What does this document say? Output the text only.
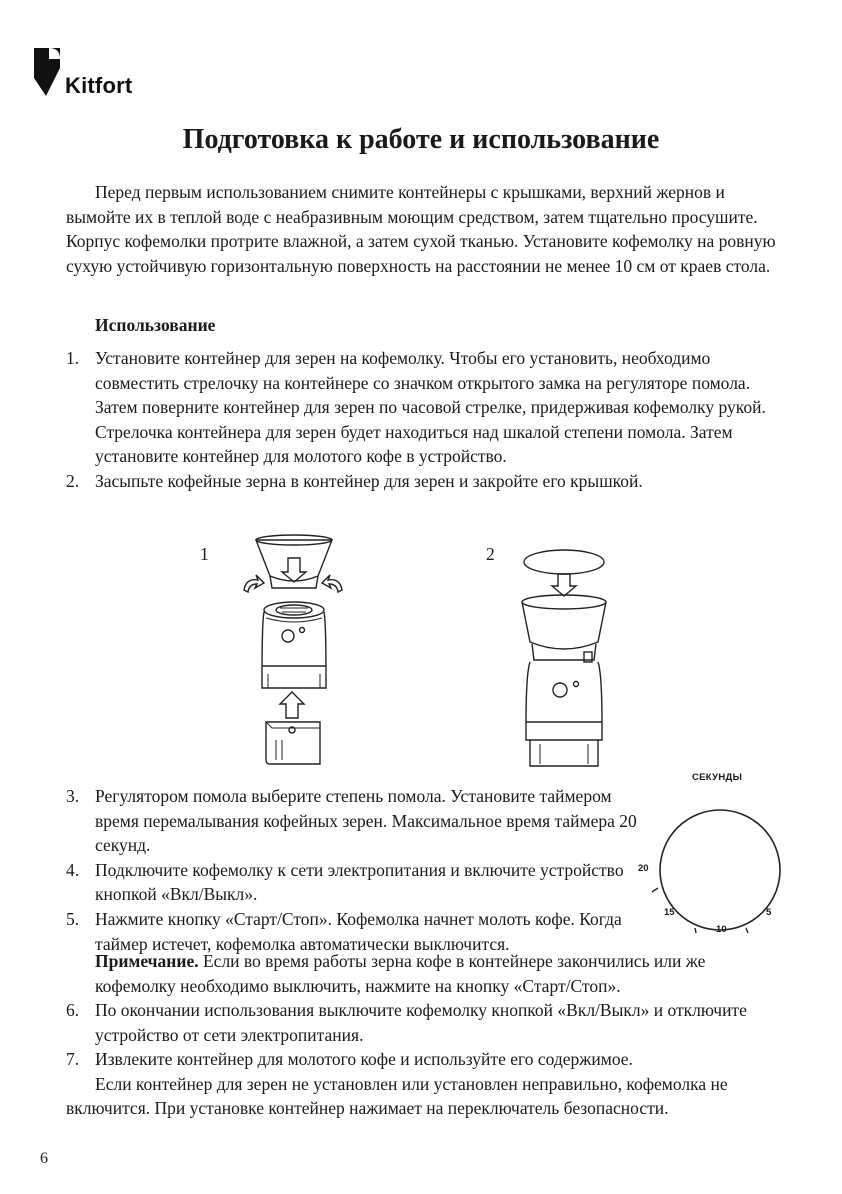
Kitfort
Подготовка к работе и использование

Перед первым использованием снимите контейнеры с крышками, верхний жернов и вымойте их в теплой воде с неабразивным моющим средством, затем тщательно просушите. Корпус кофемолки протрите влажной, а затем сухой тканью. Установите кофемолку на ровную сухую устойчивую горизонтальную поверхность на расстоянии не менее 10 см от краев стола.

Использование
1. Установите контейнер для зерен на кофемолку. Чтобы его установить, необходимо совместить стрелочку на контейнере со значком открытого замка на регуляторе помола. Затем поверните контейнер для зерен по часовой стрелке, придерживая кофемолку рукой. Стрелочка контейнера для зерен будет находиться над шкалой степени помола. Затем установите контейнер для молотого кофе в устройство.
2. Засыпьте кофейные зерна в контейнер для зерен и закройте его крышкой.
1	2
3. Регулятором помола выберите степень помола. Установите таймером время перемалывания кофейных зерен. Максимальное время таймера 20 секунд.
4. Подключите кофемолку к сети электропитания и включите устройство кнопкой «Вкл/Выкл».
5. Нажмите кнопку «Старт/Стоп». Кофемолка начнет молоть кофе. Когда таймер истечет, кофемолка автоматически выключится.

Примечание. Если во время работы зерна кофе в контейнере закончились или же кофемолку необходимо выключить, нажмите на кнопку «Старт/Стоп».

6. По окончании использования выключите кофемолку кнопкой «Вкл/Выкл» и отключите устройство от сети электропитания.
7. Извлеките контейнер для молотого кофе и используйте его содержимое.

Если контейнер для зерен не установлен или установлен неправильно, кофемолка не включится. При установке контейнер нажимает на переключатель безопасности.

СЕКУНДЫ
20
15
10
5
6
